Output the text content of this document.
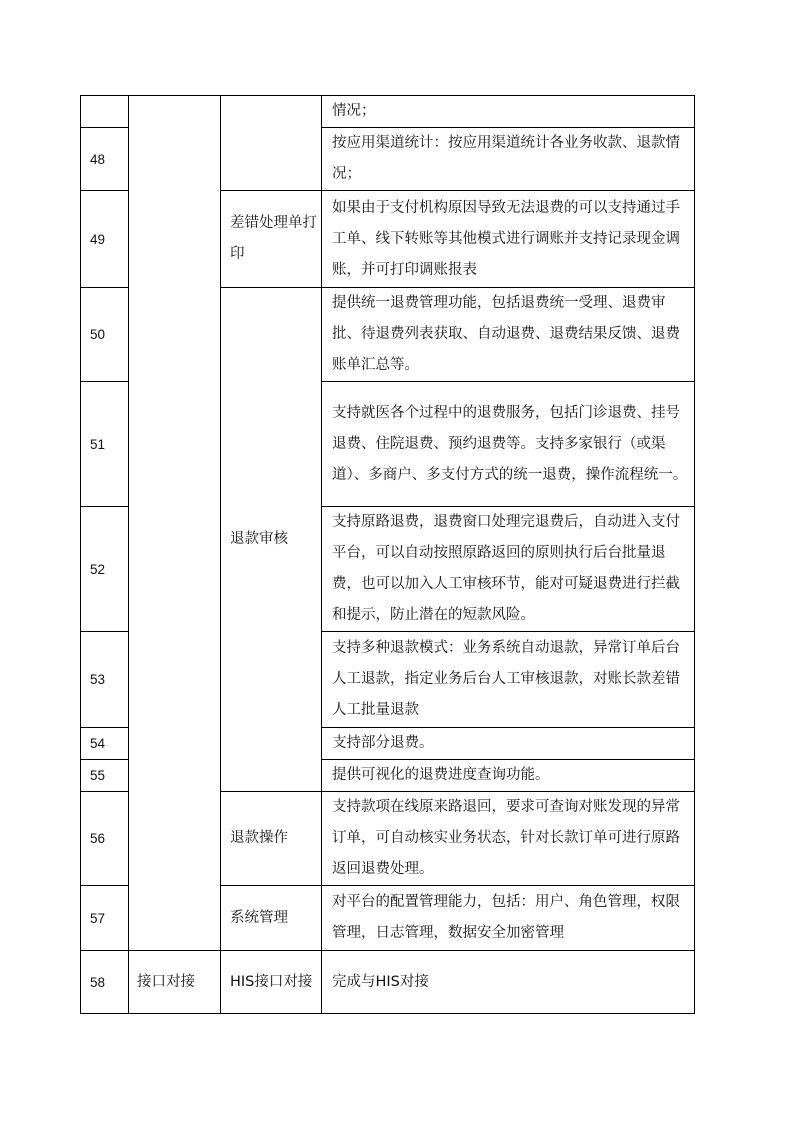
			情况；
48			按应用渠道统计：按应用渠道统计各业务收款、退款情况；
49		差错处理单打印	如果由于支付机构原因导致无法退费的可以支持通过手工单、线下转账等其他模式进行调账并支持记录现金调账，并可打印调账报表
50		退款审核	提供统一退费管理功能，包括退费统一受理、退费审批、待退费列表获取、自动退费、退费结果反馈、退费账单汇总等。
51			支持就医各个过程中的退费服务，包括门诊退费、挂号退费、住院退费、预约退费等。支持多家银行（或渠道）、多商户、多支付方式的统一退费，操作流程统一。
52			支持原路退费，退费窗口处理完退费后，自动进入支付平台，可以自动按照原路返回的原则执行后台批量退费，也可以加入人工审核环节，能对可疑退费进行拦截和提示，防止潜在的短款风险。
53			支持多种退款模式：业务系统自动退款，异常订单后台人工退款，指定业务后台人工审核退款，对账长款差错人工批量退款
54			支持部分退费。
55			提供可视化的退费进度查询功能。
56		退款操作	支持款项在线原来路退回，要求可查询对账发现的异常订单，可自动核实业务状态，针对长款订单可进行原路返回退费处理。
57		系统管理	对平台的配置管理能力，包括：用户、角色管理，权限管理，日志管理，数据安全加密管理
58	接口对接	HIS接口对接	完成与HIS对接
